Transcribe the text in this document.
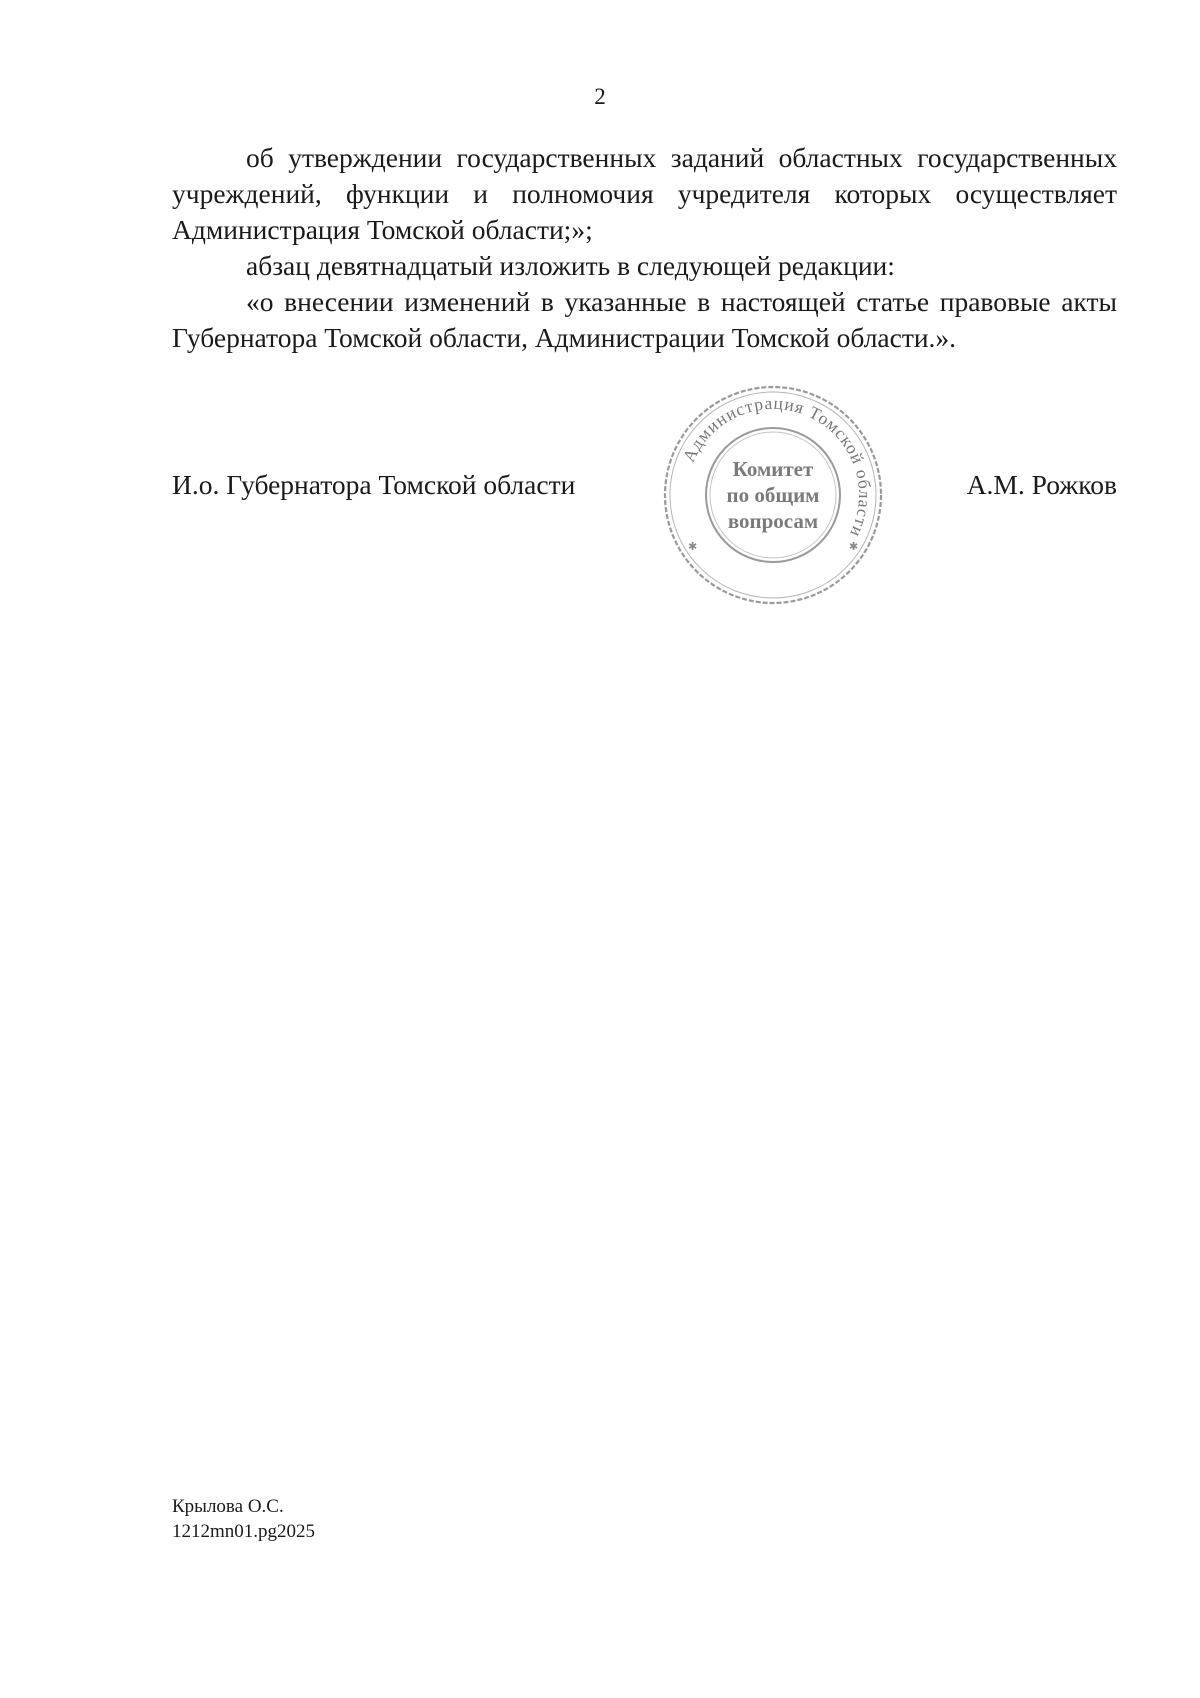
2

об утверждении государственных заданий областных государственных учреждений, функции и полномочия учредителя которых осуществляет Администрация Томской области;»;

абзац девятнадцатый изложить в следующей редакции:

«о внесении изменений в указанные в настоящей статье правовые акты Губернатора Томской области, Администрации Томской области.».

И.о. Губернатора Томской области	А.М. Рожков
Администрация Томской области
Комитет
по общим
вопросам
✱	✱
Крылова О.С.
1212mn01.pg2025
